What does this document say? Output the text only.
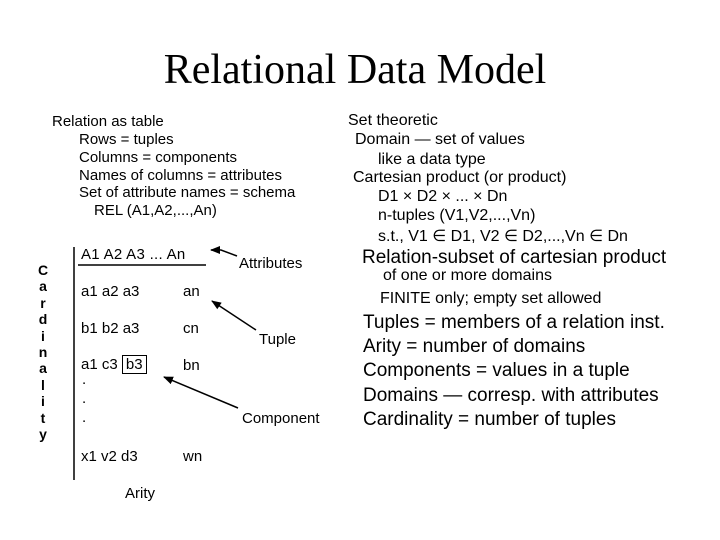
Relational Data Model
Relation as table
Rows = tuples
Columns = components
Names of columns = attributes
Set of attribute names = schema
REL (A1,A2,...,An)
Set theoretic
Domain — set of values
like a data type
Cartesian product (or product)
D1 × D2 × ... × Dn
n-tuples (V1,V2,...,Vn)
s.t., V1 ∈ D1, V2 ∈ D2,...,Vn ∈ Dn
Relation-subset of cartesian product
of one or more domains
FINITE only; empty set allowed
Tuples = members of a relation inst.
Arity = number of domains
Components = values in a tuple
Domains — corresp. with attributes
Cardinality = number of tuples
C
a
r
d
i
n
a
l
i
t
y
A1 A2 A3 ... An
a1 a2 a3	an
b1 b2 a3	cn
a1 c3 b3	bn
.
.
.
x1 v2 d3	wn
Attributes
Tuple
Component
Arity
